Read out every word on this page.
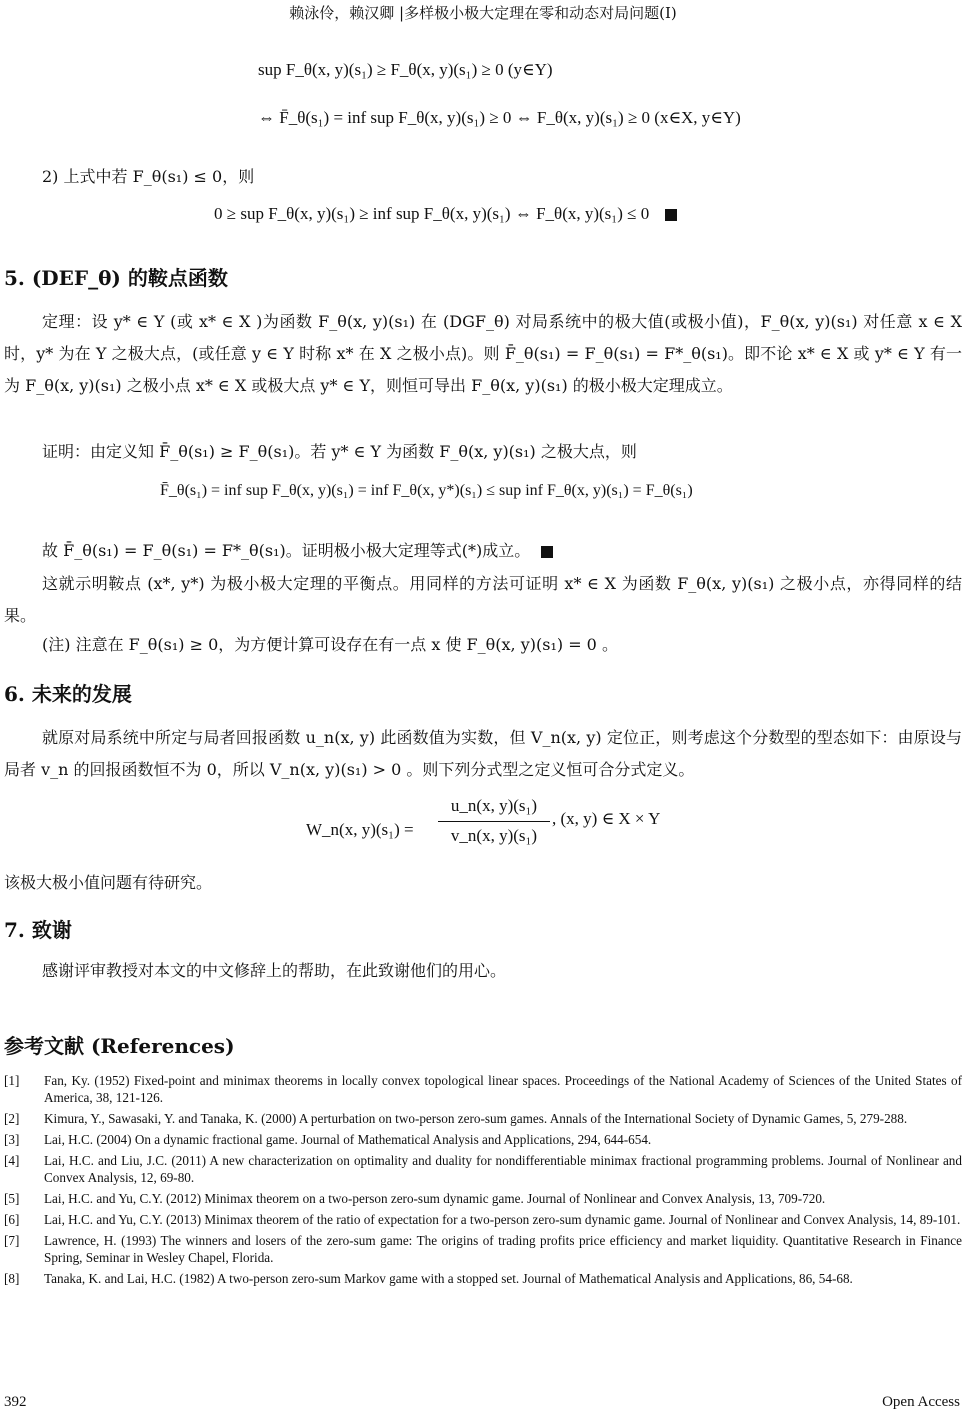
赖泳伶，赖汉卿 |多样极小极大定理在零和动态对局问题(I)
sup F_θ(x, y)(s₁) ≥ F_θ(x, y)(s₁) ≥ 0 (y∈Y)
⇔ F̄_θ(s₁) = inf sup F_θ(x, y)(s₁) ≥ 0 ⇔ F_θ(x, y)(s₁) ≥ 0 (x∈X, y∈Y)
2) 上式中若 F_θ(s₁) ≤ 0，则
0 ≥ sup F_θ(x, y)(s₁) ≥ inf sup F_θ(x, y)(s₁) ⇔ F_θ(x, y)(s₁) ≤ 0
5. (DEF_θ) 的鞍点函数
定理：设 y* ∈ Y (或 x* ∈ X )为函数 F_θ(x, y)(s₁) 在 (DGF_θ) 对局系统中的极大值(或极小值)，F_θ(x, y)(s₁) 对任意 x ∈ X 时，y* 为在 Y 之极大点，(或任意 y ∈ Y 时称 x* 在 X 之极小点)。则 F̄_θ(s₁) = F_θ(s₁) = F*_θ(s₁)。即不论 x* ∈ X 或 y* ∈ Y 有一为 F_θ(x, y)(s₁) 之极小点 x* ∈ X 或极大点 y* ∈ Y，则恒可导出 F_θ(x, y)(s₁) 的极小极大定理成立。
证明：由定义知 F̄_θ(s₁) ≥ F_θ(s₁)。若 y* ∈ Y 为函数 F_θ(x, y)(s₁) 之极大点，则
F̄_θ(s₁) = inf sup F_θ(x, y)(s₁) = inf F_θ(x, y*)(s₁) ≤ sup inf F_θ(x, y)(s₁) = F_θ(s₁)
故 F̄_θ(s₁) = F_θ(s₁) = F*_θ(s₁)。证明极小极大定理等式(*)成立。
这就示明鞍点 (x*, y*) 为极小极大定理的平衡点。用同样的方法可证明 x* ∈ X 为函数 F_θ(x, y)(s₁) 之极小点，亦得同样的结果。
(注) 注意在 F_θ(s₁) ≥ 0，为方便计算可设存在有一点 x 使 F_θ(x, y)(s₁) = 0 。
6. 未来的发展
就原对局系统中所定与局者回报函数 u_n(x, y) 此函数值为实数，但 V_n(x, y) 定位正，则考虑这个分数型的型态如下：由原设与局者 v_n 的回报函数恒不为 0，所以 V_n(x, y)(s₁) > 0 。则下列分式型之定义恒可合分式定义。
W_n(x, y)(s₁) =
u_n(x, y)(s₁)
v_n(x, y)(s₁)
, (x, y) ∈ X × Y
该极大极小值问题有待研究。
7. 致谢
感谢评审教授对本文的中文修辞上的帮助，在此致谢他们的用心。
参考文献 (References)
[1]	Fan, Ky. (1952) Fixed-point and minimax theorems in locally convex topological linear spaces. Proceedings of the National Academy of Sciences of the United States of America, 38, 121-126.
[2]	Kimura, Y., Sawasaki, Y. and Tanaka, K. (2000) A perturbation on two-person zero-sum games. Annals of the International Society of Dynamic Games, 5, 279-288.
[3]	Lai, H.C. (2004) On a dynamic fractional game. Journal of Mathematical Analysis and Applications, 294, 644-654.
[4]	Lai, H.C. and Liu, J.C. (2011) A new characterization on optimality and duality for nondifferentiable minimax fractional programming problems. Journal of Nonlinear and Convex Analysis, 12, 69-80.
[5]	Lai, H.C. and Yu, C.Y. (2012) Minimax theorem on a two-person zero-sum dynamic game. Journal of Nonlinear and Convex Analysis, 13, 709-720.
[6]	Lai, H.C. and Yu, C.Y. (2013) Minimax theorem of the ratio of expectation for a two-person zero-sum dynamic game. Journal of Nonlinear and Convex Analysis, 14, 89-101.
[7]	Lawrence, H. (1993) The winners and losers of the zero-sum game: The origins of trading profits price efficiency and market liquidity. Quantitative Research in Finance Spring, Seminar in Wesley Chapel, Florida.
[8]	Tanaka, K. and Lai, H.C. (1982) A two-person zero-sum Markov game with a stopped set. Journal of Mathematical Analysis and Applications, 86, 54-68.
392	Open Access
